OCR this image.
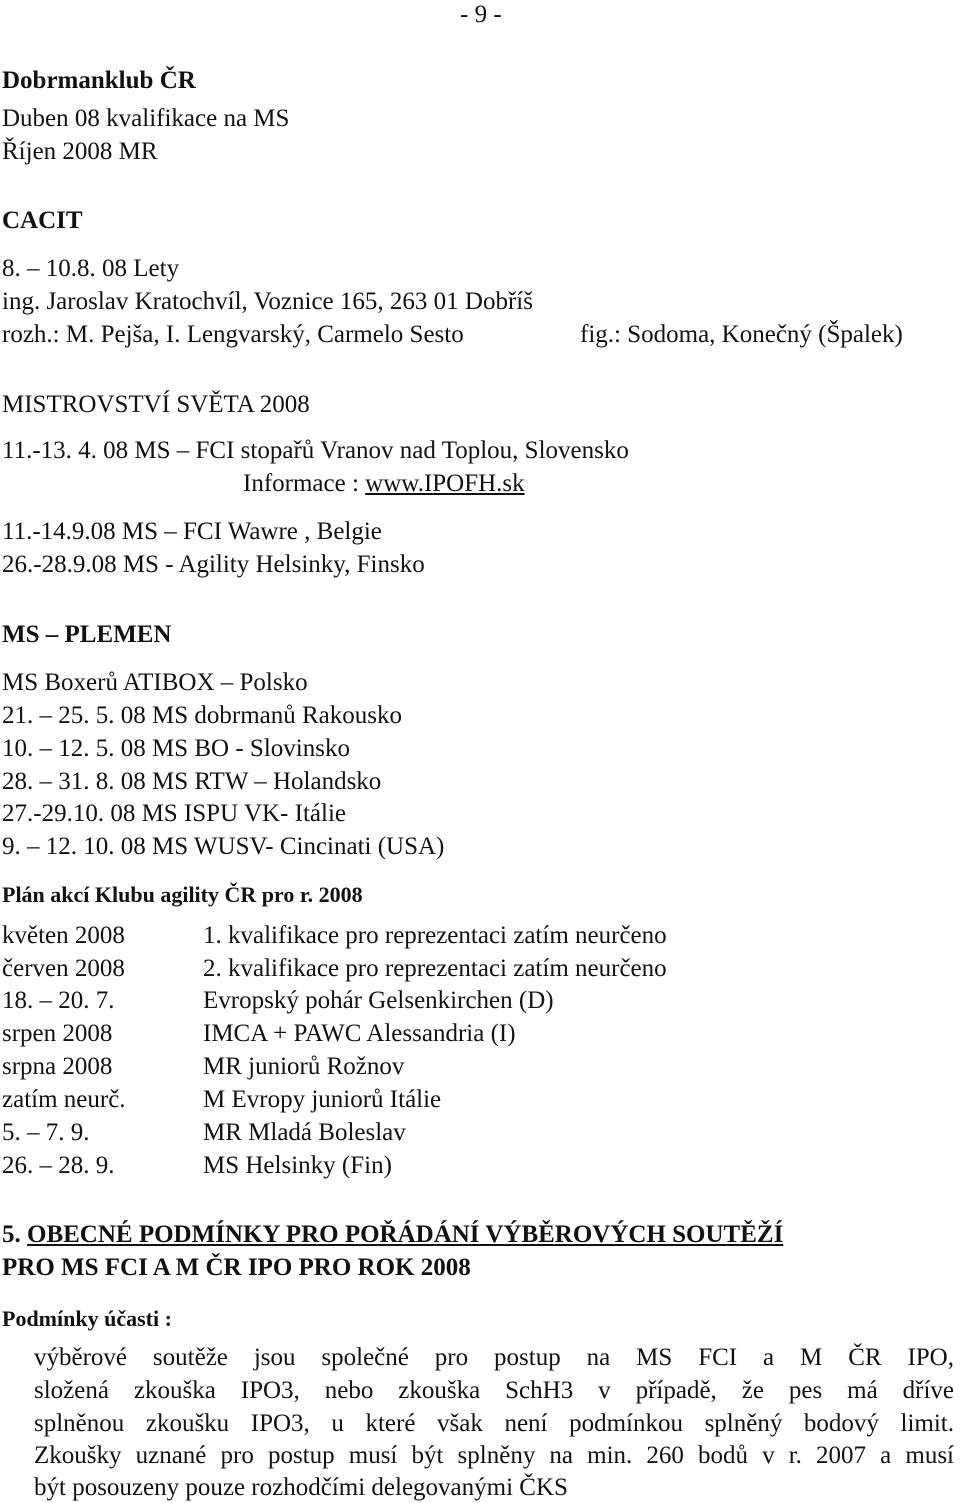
- 9 -
Dobrmanklub ČR
Duben 08 kvalifikace na MS
Říjen 2008 MR
CACIT
8. – 10.8. 08 Lety
ing. Jaroslav Kratochvíl, Voznice 165, 263 01 Dobříš
rozh.: M. Pejša, I. Lengvarský, Carmelo Sesto	fig.: Sodoma, Konečný (Špalek)
MISTROVSTVÍ SVĚTA 2008
11.-13. 4. 08 MS – FCI stopařů Vranov nad Toplou, Slovensko
Informace : www.IPOFH.sk
11.-14.9.08 MS – FCI Wawre , Belgie
26.-28.9.08 MS - Agility Helsinky, Finsko
MS – PLEMEN
MS Boxerů ATIBOX – Polsko
21. – 25. 5. 08 MS dobrmanů Rakousko
10. – 12. 5. 08 MS BO - Slovinsko
28. – 31. 8. 08 MS RTW – Holandsko
27.-29.10. 08 MS ISPU VK- Itálie
9. – 12. 10. 08 MS WUSV- Cincinati (USA)
Plán akcí Klubu agility ČR pro r. 2008
květen 2008	1. kvalifikace pro reprezentaci zatím neurčeno
červen 2008	2. kvalifikace pro reprezentaci zatím neurčeno
18. – 20. 7.	Evropský pohár Gelsenkirchen (D)
srpen 2008	IMCA + PAWC Alessandria (I)
srpna 2008	MR juniorů Rožnov
zatím neurč.	M Evropy juniorů Itálie
5. – 7. 9.	MR Mladá Boleslav
26. – 28. 9.	MS Helsinky (Fin)
5. OBECNÉ PODMÍNKY PRO POŘÁDÁNÍ VÝBĚROVÝCH SOUTĚŽÍ
PRO MS FCI A M ČR IPO PRO ROK 2008
Podmínky účasti :
výběrové soutěže jsou společné pro postup na MS FCI a M ČR IPO,
složená zkouška IPO3, nebo zkouška SchH3 v případě, že pes má dříve
splněnou zkoušku IPO3, u které však není podmínkou splněný bodový limit.
Zkoušky uznané pro postup musí být splněny na min. 260 bodů v r. 2007 a musí
být posouzeny pouze rozhodčími delegovanými ČKS
